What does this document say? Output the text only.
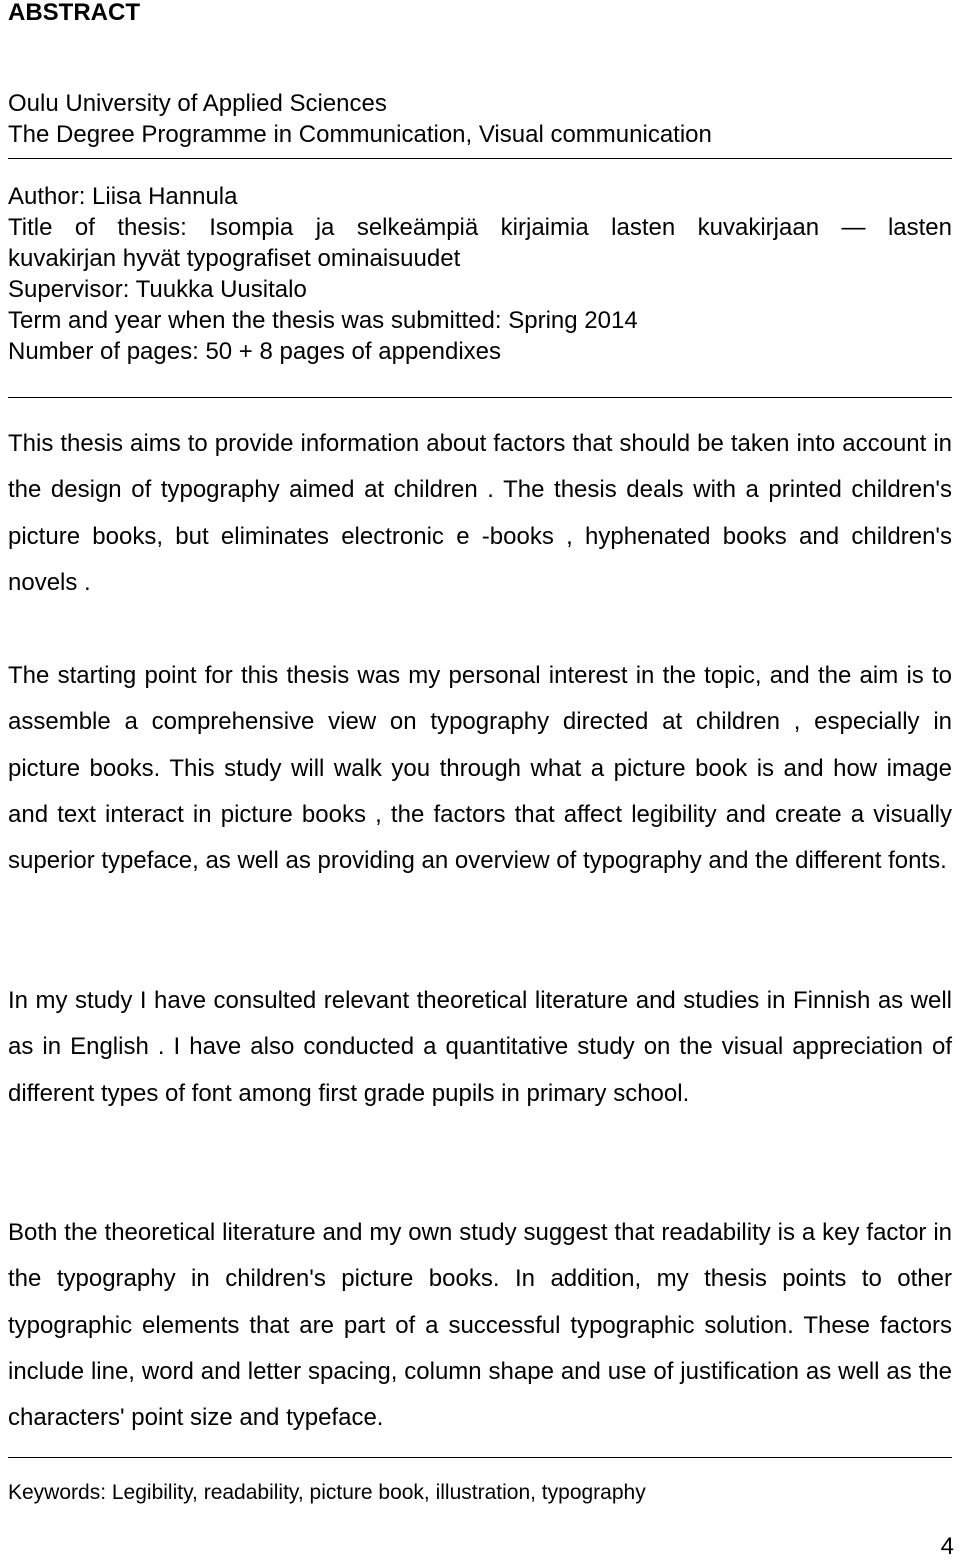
ABSTRACT
Oulu University of Applied Sciences
The Degree Programme in Communication, Visual communication
Author: Liisa Hannula
Title of thesis: Isompia ja selkeämpiä kirjaimia lasten kuvakirjaan — lasten
kuvakirjan hyvät typografiset ominaisuudet
Supervisor: Tuukka Uusitalo
Term and year when the thesis was submitted: Spring 2014
Number of pages: 50 + 8 pages of appendixes

This thesis aims to provide information about factors that should be taken into account in the design of typography aimed at children . The thesis deals with a printed children's picture books, but eliminates electronic e -books , hyphenated books and children's novels .

The starting point for this thesis was my personal interest in the topic, and the aim is to assemble a comprehensive view on typography directed at children , especially in picture books. This study will walk you through what a picture book is and how image and text interact in picture books , the factors that affect legibility and create a visually superior typeface, as well as providing an overview of typography and the different fonts.

In my study I have consulted relevant theoretical literature and studies in Finnish as well as in English . I have also conducted a quantitative study on the visual appreciation of different types of font among first grade pupils in primary school.

Both the theoretical literature and my own study suggest that readability is a key factor in the typography in children's picture books. In addition, my thesis points to other typographic elements that are part of a successful typographic solution. These factors include line, word and letter spacing, column shape and use of justification as well as the characters' point size and typeface.

Keywords: Legibility, readability, picture book, illustration, typography
4
